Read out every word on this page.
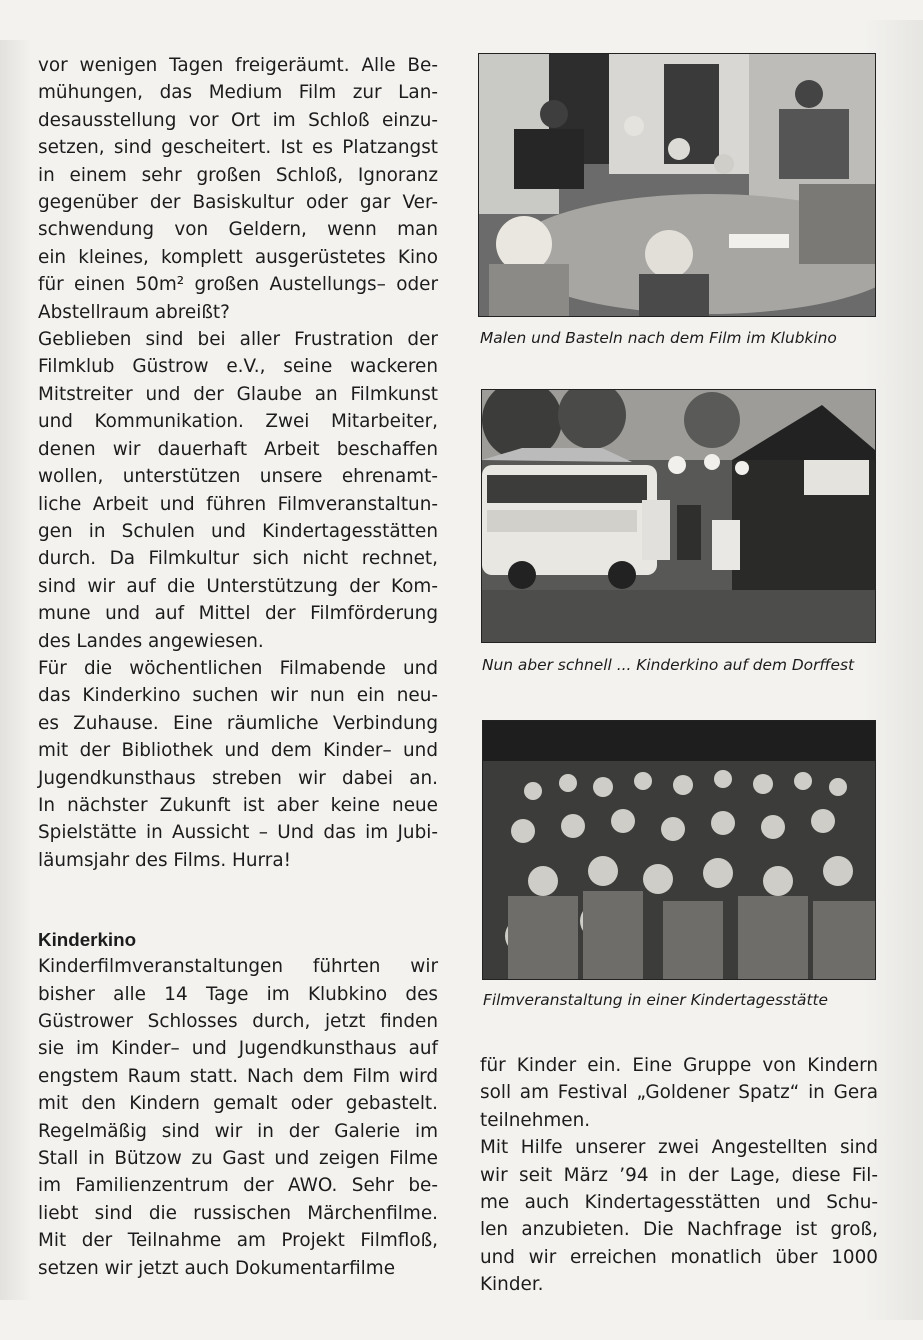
vor wenigen Tagen freigeräumt. Alle Be-
mühungen, das Medium Film zur Lan-
desausstellung vor Ort im Schloß einzu-
setzen, sind gescheitert. Ist es Platzangst
in einem sehr großen Schloß, Ignoranz
gegenüber der Basiskultur oder gar Ver-
schwendung von Geldern, wenn man
ein kleines, komplett ausgerüstetes Kino
für einen 50m² großen Austellungs– oder
Abstellraum abreißt?

Geblieben sind bei aller Frustration der
Filmklub Güstrow e.V., seine wackeren
Mitstreiter und der Glaube an Filmkunst
und Kommunikation. Zwei Mitarbeiter,
denen wir dauerhaft Arbeit beschaffen
wollen, unterstützen unsere ehrenamt-
liche Arbeit und führen Filmveranstaltun-
gen in Schulen und Kindertagesstätten
durch. Da Filmkultur sich nicht rechnet,
sind wir auf die Unterstützung der Kom-
mune und auf Mittel der Filmförderung
des Landes angewiesen.

Für die wöchentlichen Filmabende und
das Kinderkino suchen wir nun ein neu-
es Zuhause. Eine räumliche Verbindung
mit der Bibliothek und dem Kinder– und
Jugendkunsthaus streben wir dabei an.
In nächster Zukunft ist aber keine neue
Spielstätte in Aussicht – Und das im Jubi-
läumsjahr des Films. Hurra!

Kinderkino

Kinderfilmveranstaltungen führten wir
bisher alle 14 Tage im Klubkino des
Güstrower Schlosses durch, jetzt finden
sie im Kinder– und Jugendkunsthaus auf
engstem Raum statt. Nach dem Film wird
mit den Kindern gemalt oder gebastelt.
Regelmäßig sind wir in der Galerie im
Stall in Bützow zu Gast und zeigen Filme
im Familienzentrum der AWO. Sehr be-
liebt sind die russischen Märchenfilme.
Mit der Teilnahme am Projekt Filmfloß,
setzen wir jetzt auch Dokumentarfilme

Malen und Basteln nach dem Film im Klubkino

Nun aber schnell ... Kinderkino auf dem Dorffest

Filmveranstaltung in einer Kindertagesstätte

für Kinder ein. Eine Gruppe von Kindern
soll am Festival „Goldener Spatz“ in Gera
teilnehmen.

Mit Hilfe unserer zwei Angestellten sind
wir seit März ’94 in der Lage, diese Fil-
me auch Kindertagesstätten und Schu-
len anzubieten. Die Nachfrage ist groß,
und wir erreichen monatlich über 1000
Kinder.
